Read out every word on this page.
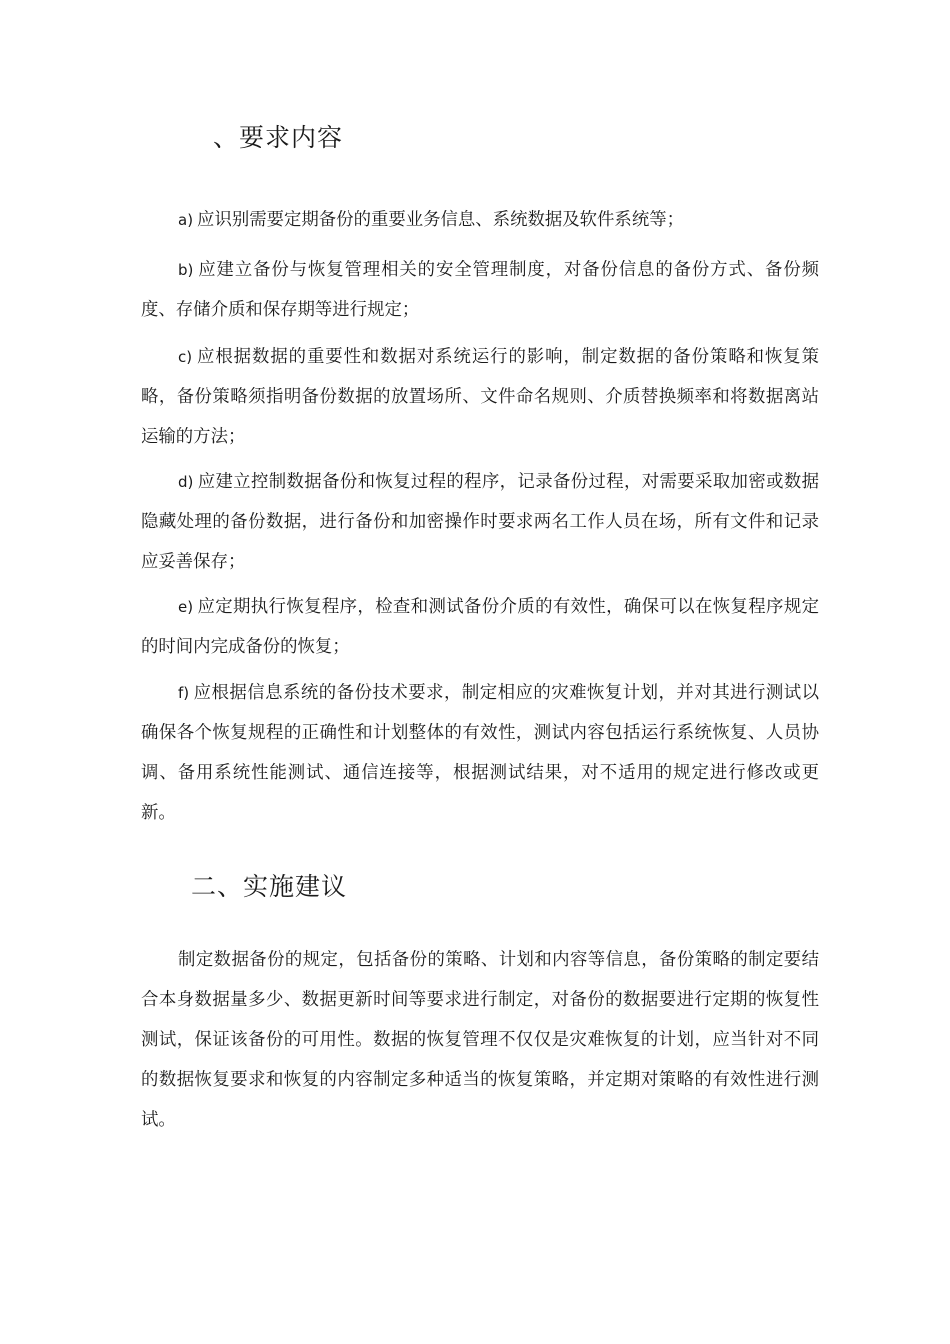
、要求内容
a) 应识别需要定期备份的重要业务信息、系统数据及软件系统等；
b) 应建立备份与恢复管理相关的安全管理制度，对备份信息的备份方式、备份频度、存储介质和保存期等进行规定；
c) 应根据数据的重要性和数据对系统运行的影响，制定数据的备份策略和恢复策略，备份策略须指明备份数据的放置场所、文件命名规则、介质替换频率和将数据离站运输的方法；
d) 应建立控制数据备份和恢复过程的程序，记录备份过程，对需要采取加密或数据隐藏处理的备份数据，进行备份和加密操作时要求两名工作人员在场，所有文件和记录应妥善保存；
e) 应定期执行恢复程序，检查和测试备份介质的有效性，确保可以在恢复程序规定的时间内完成备份的恢复；
f) 应根据信息系统的备份技术要求，制定相应的灾难恢复计划，并对其进行测试以确保各个恢复规程的正确性和计划整体的有效性，测试内容包括运行系统恢复、人员协调、备用系统性能测试、通信连接等，根据测试结果，对不适用的规定进行修改或更新。
二、实施建议
制定数据备份的规定，包括备份的策略、计划和内容等信息，备份策略的制定要结合本身数据量多少、数据更新时间等要求进行制定，对备份的数据要进行定期的恢复性测试，保证该备份的可用性。数据的恢复管理不仅仅是灾难恢复的计划，应当针对不同的数据恢复要求和恢复的内容制定多种适当的恢复策略，并定期对策略的有效性进行测试。
